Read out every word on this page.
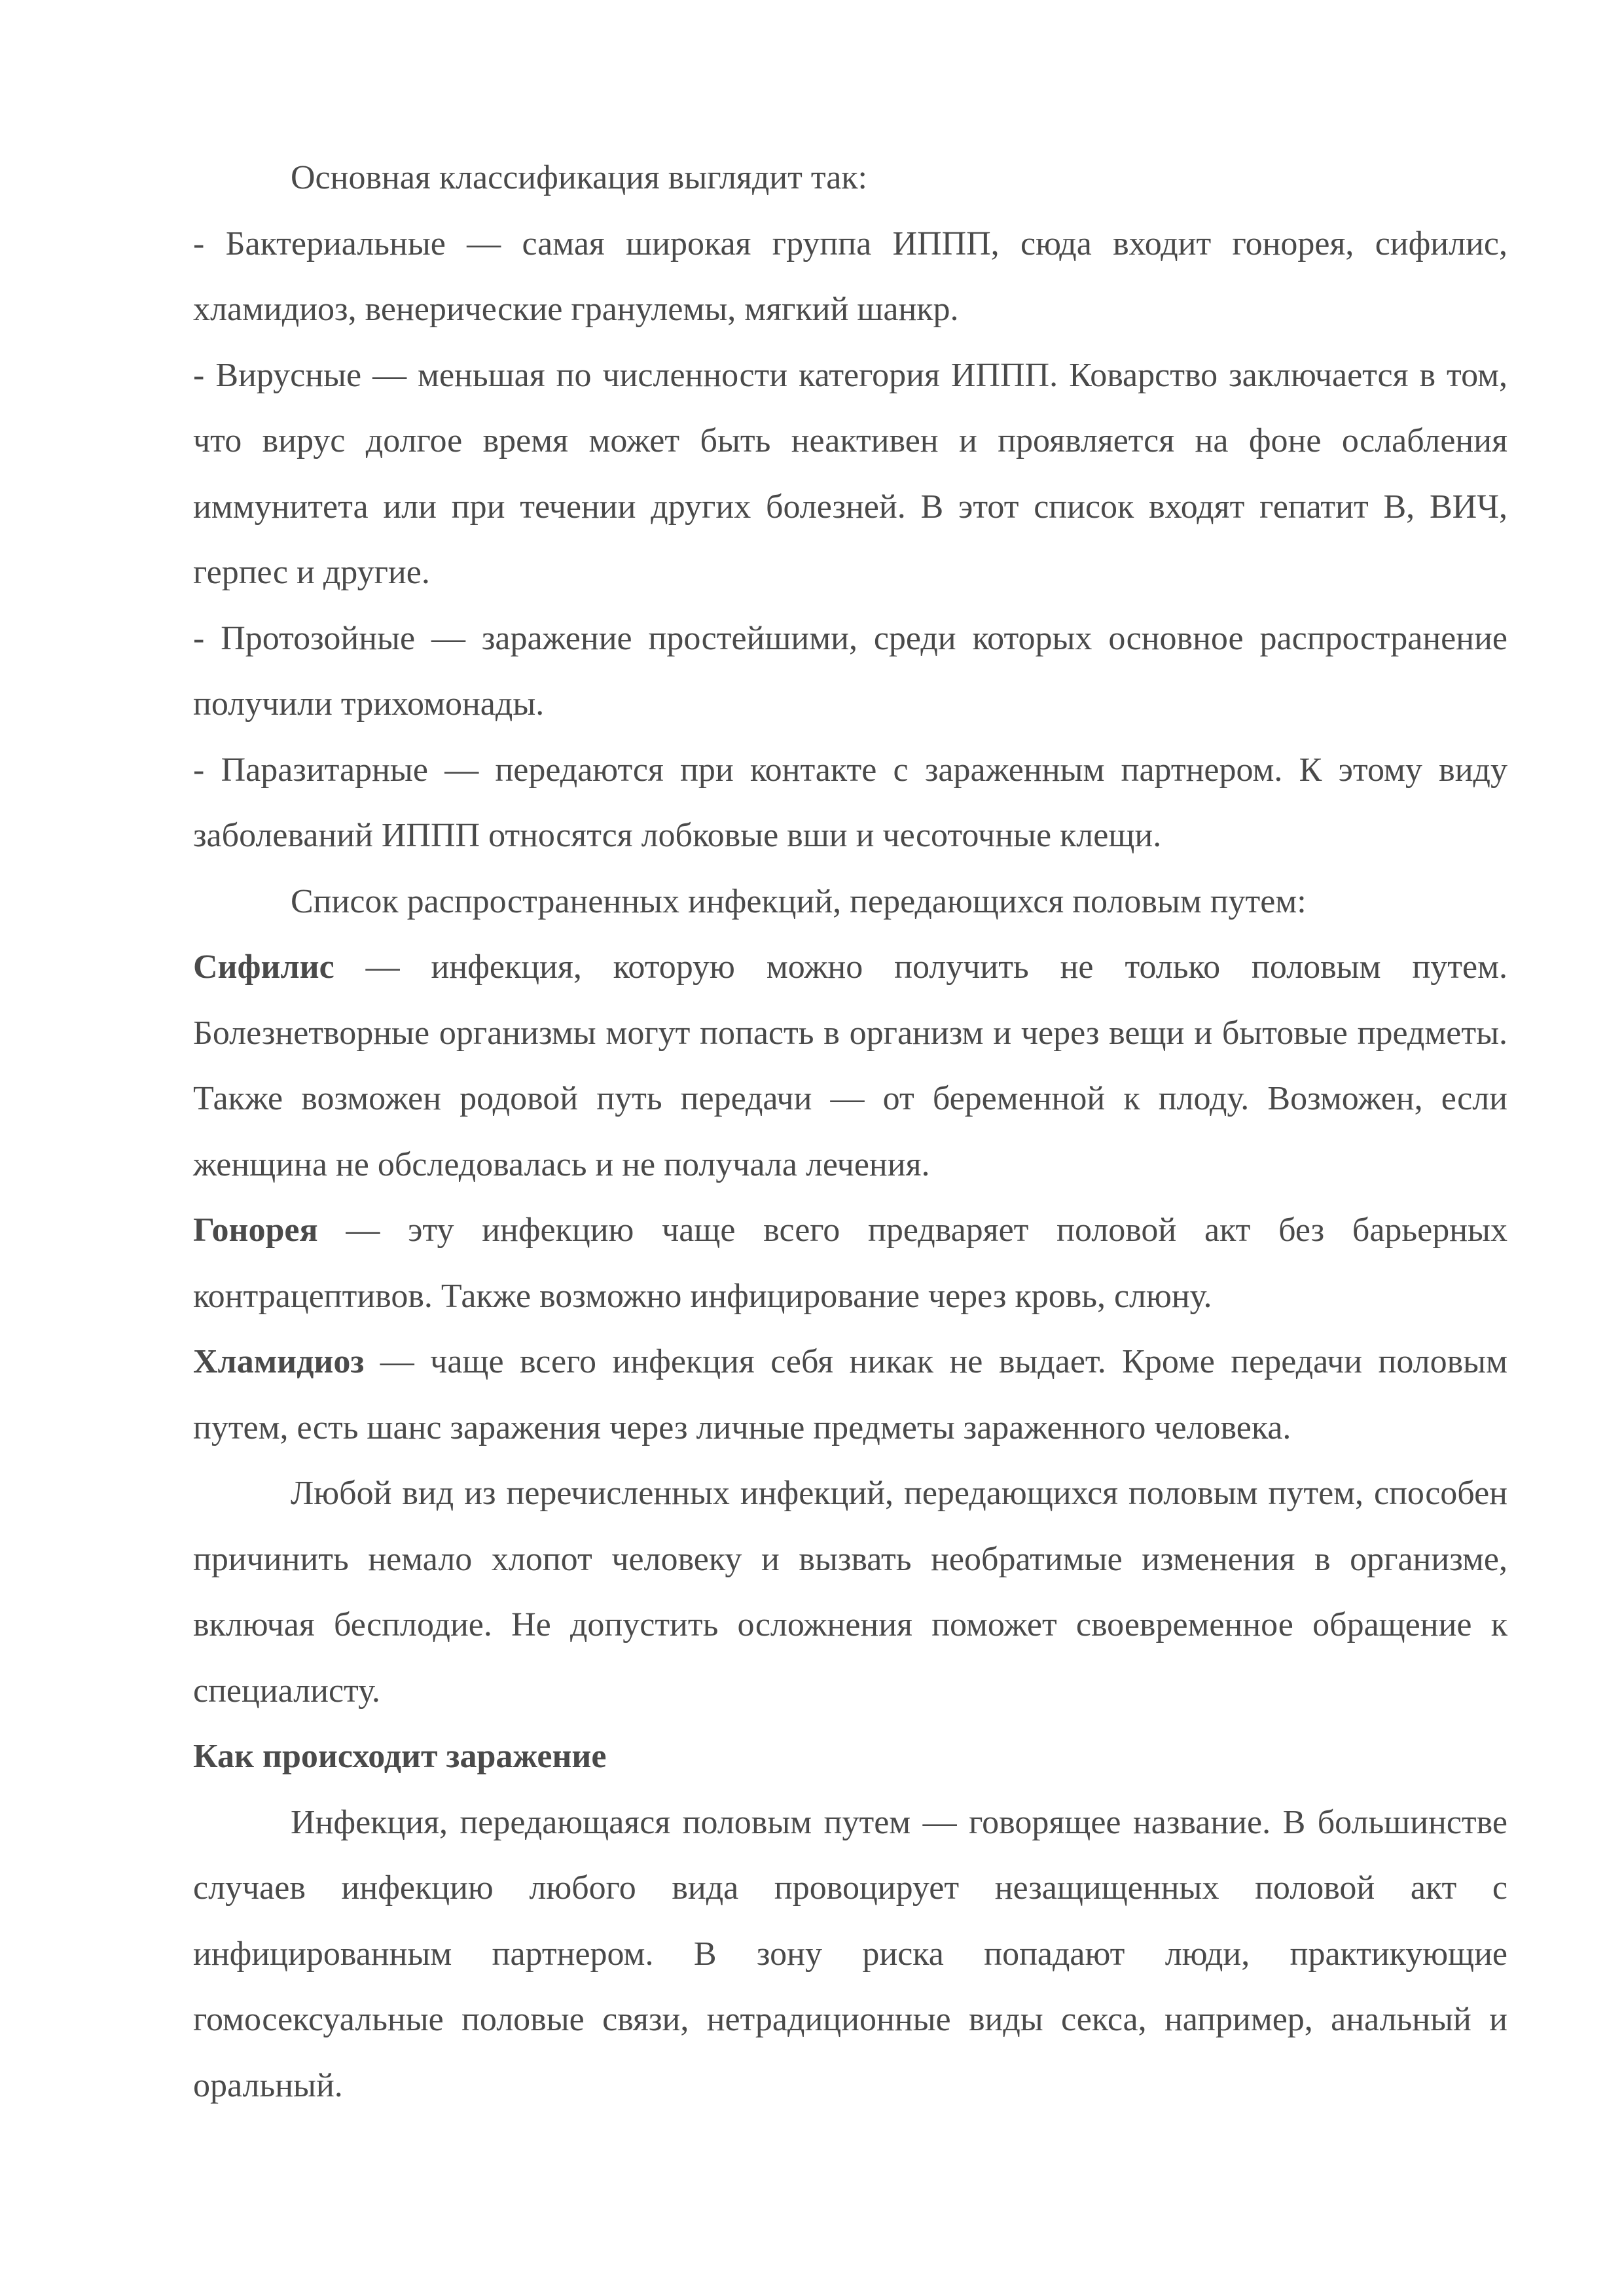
Основная классификация выглядит так:

- Бактериальные — самая широкая группа ИППП, сюда входит гонорея, сифилис, хламидиоз, венерические гранулемы, мягкий шанкр.

- Вирусные — меньшая по численности категория ИППП. Коварство заключается в том, что вирус долгое время может быть неактивен и проявляется на фоне ослабления иммунитета или при течении других болезней. В этот список входят гепатит B, ВИЧ, герпес и другие.

- Протозойные — заражение простейшими, среди которых основное распространение получили трихомонады.

- Паразитарные — передаются при контакте с зараженным партнером. К этому виду заболеваний ИППП относятся лобковые вши и чесоточные клещи.

Список распространенных инфекций, передающихся половым путем:

Сифилис — инфекция, которую можно получить не только половым путем. Болезнетворные организмы могут попасть в организм и через вещи и бытовые предметы. Также возможен родовой путь передачи — от беременной к плоду. Возможен, если женщина не обследовалась и не получала лечения.

Гонорея — эту инфекцию чаще всего предваряет половой акт без барьерных контрацептивов. Также возможно инфицирование через кровь, слюну.

Хламидиоз — чаще всего инфекция себя никак не выдает. Кроме передачи половым путем, есть шанс заражения через личные предметы зараженного человека.

Любой вид из перечисленных инфекций, передающихся половым путем, способен причинить немало хлопот человеку и вызвать необратимые изменения в организме, включая бесплодие. Не допустить осложнения поможет своевременное обращение к специалисту.

Как происходит заражение

Инфекция, передающаяся половым путем — говорящее название. В большинстве случаев инфекцию любого вида провоцирует незащищенных половой акт с инфицированным партнером. В зону риска попадают люди, практикующие гомосексуальные половые связи, нетрадиционные виды секса, например, анальный и оральный.
